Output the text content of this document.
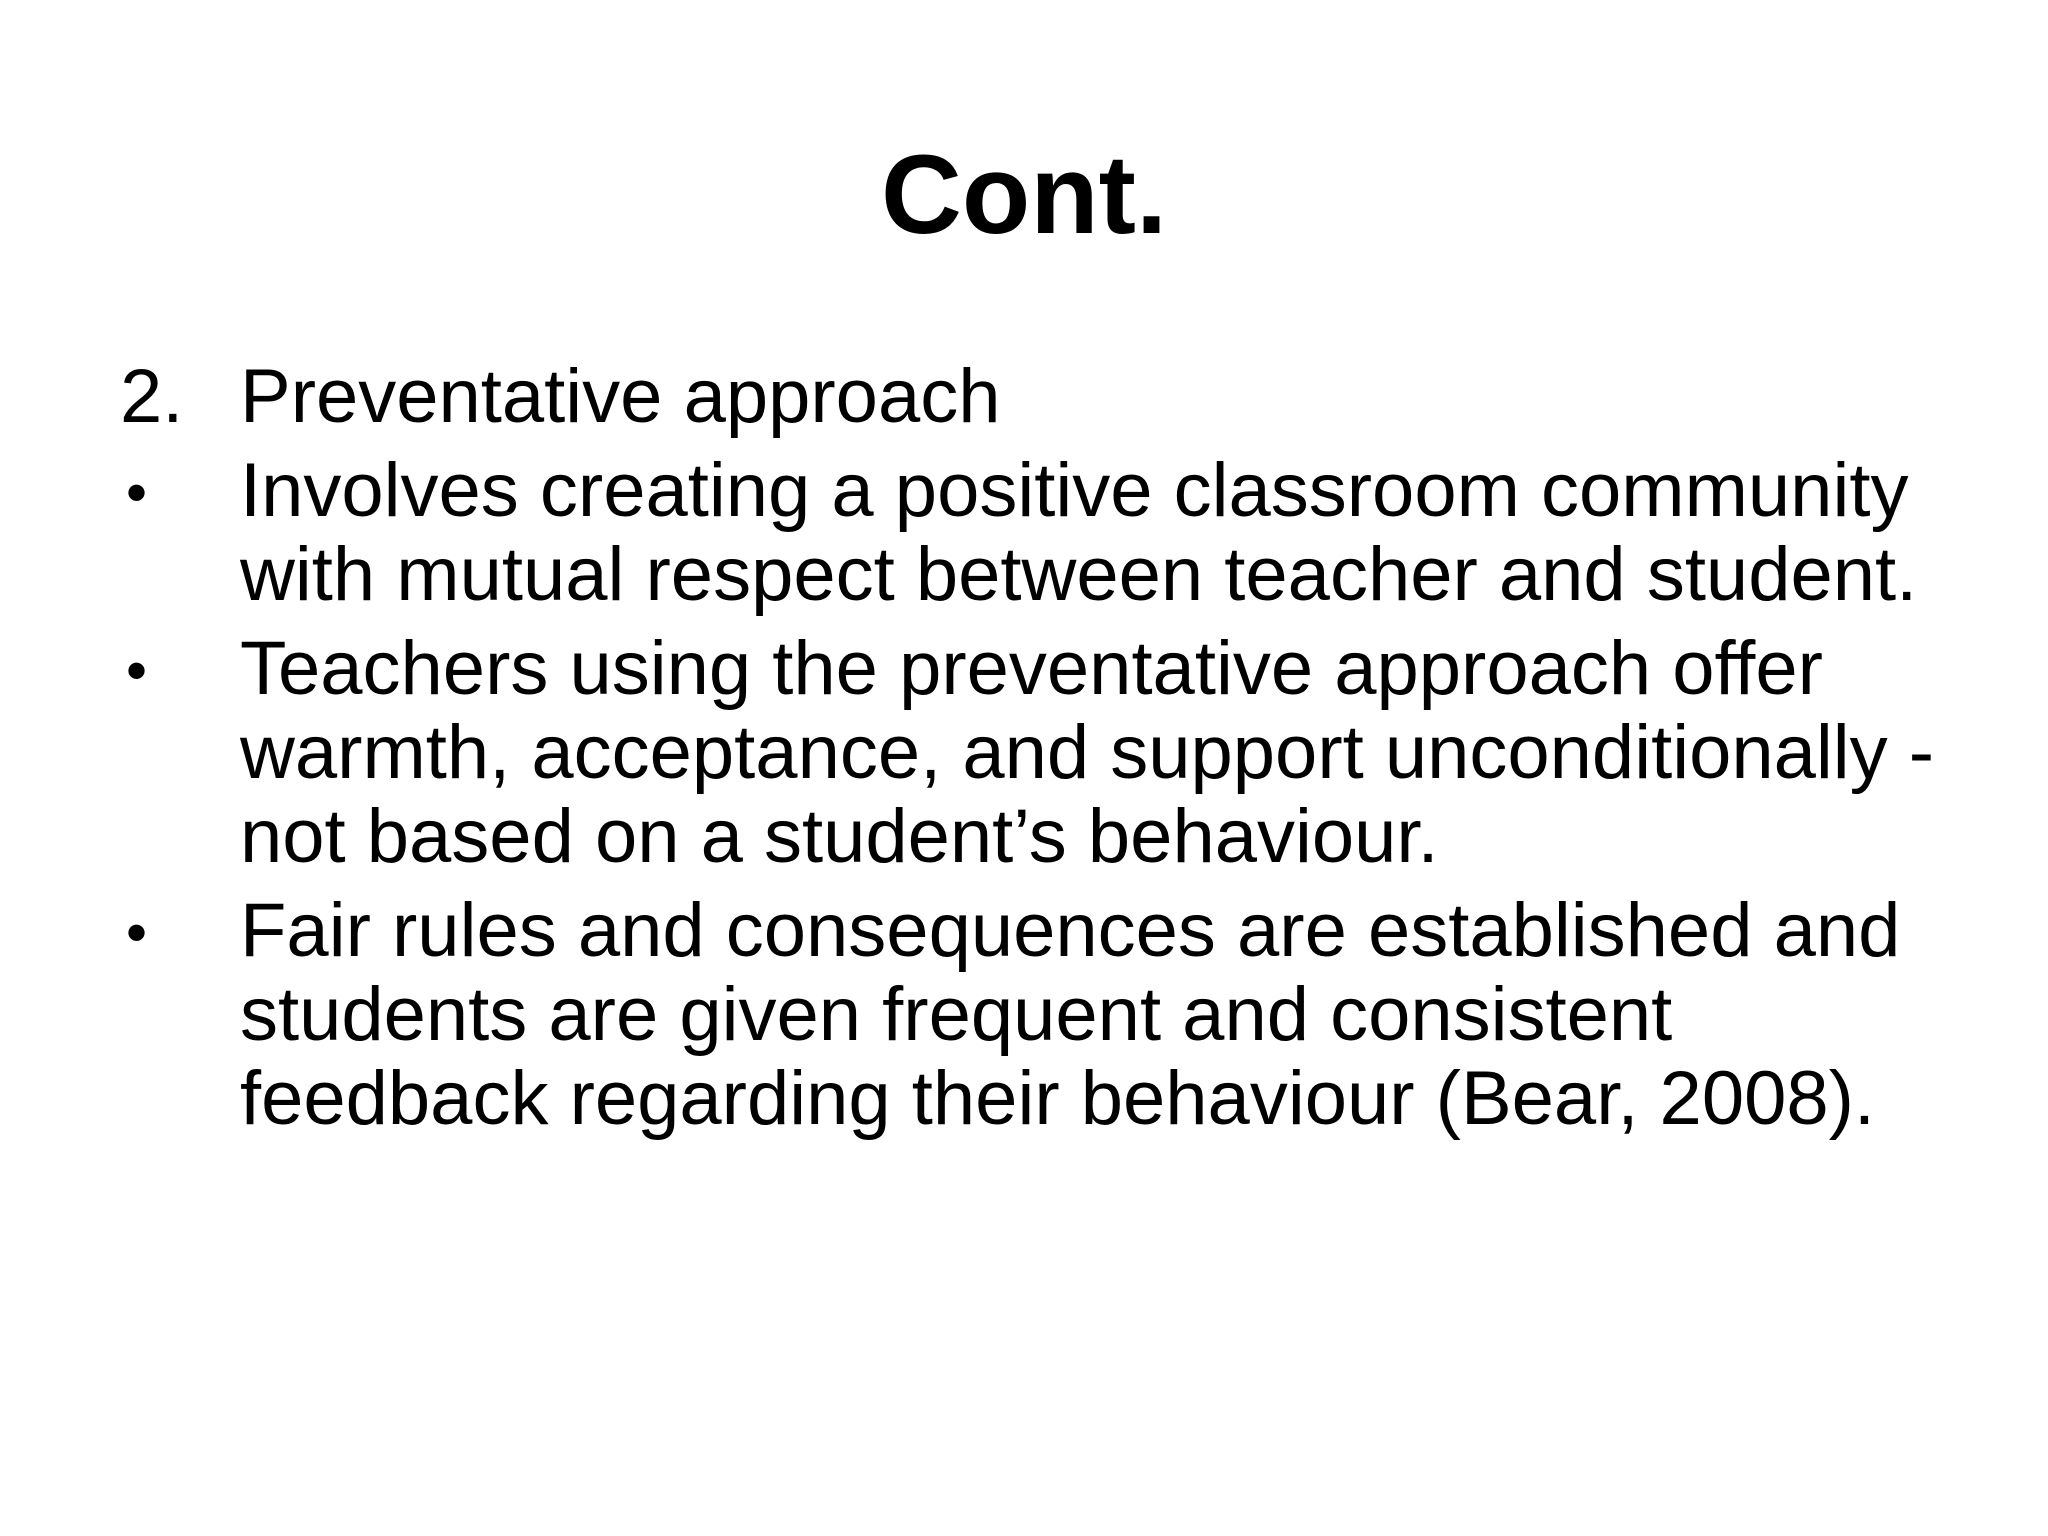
Cont.
2. Preventative approach
•	Involves creating a positive classroom community with mutual respect between teacher and student.
•	Teachers using the preventative approach offer warmth, acceptance, and support unconditionally - not based on a student’s behaviour.
•	Fair rules and consequences are established and students are given frequent and consistent feedback regarding their behaviour (Bear, 2008).
